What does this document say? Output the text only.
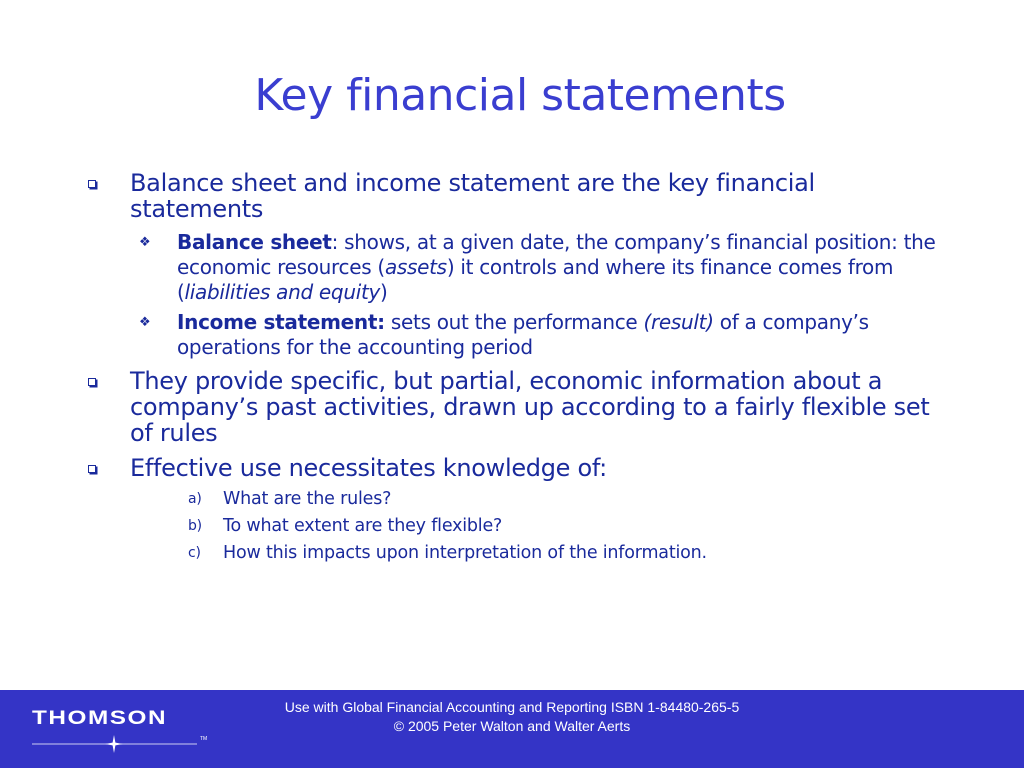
Key financial statements
Balance sheet and income statement are the key financial statements
❖ Balance sheet: shows, at a given date, the company’s financial position: the economic resources (assets) it controls and where its finance comes from (liabilities and equity)
❖ Income statement: sets out the performance (result) of a company’s operations for the accounting period
They provide specific, but partial, economic information about a company’s past activities, drawn up according to a fairly flexible set of rules
Effective use necessitates knowledge of:
a) What are the rules?
b) To what extent are they flexible?
c) How this impacts upon interpretation of the information.
THOMSON
TM
Use with Global Financial Accounting and Reporting ISBN 1-84480-265-5
© 2005 Peter Walton and Walter Aerts
